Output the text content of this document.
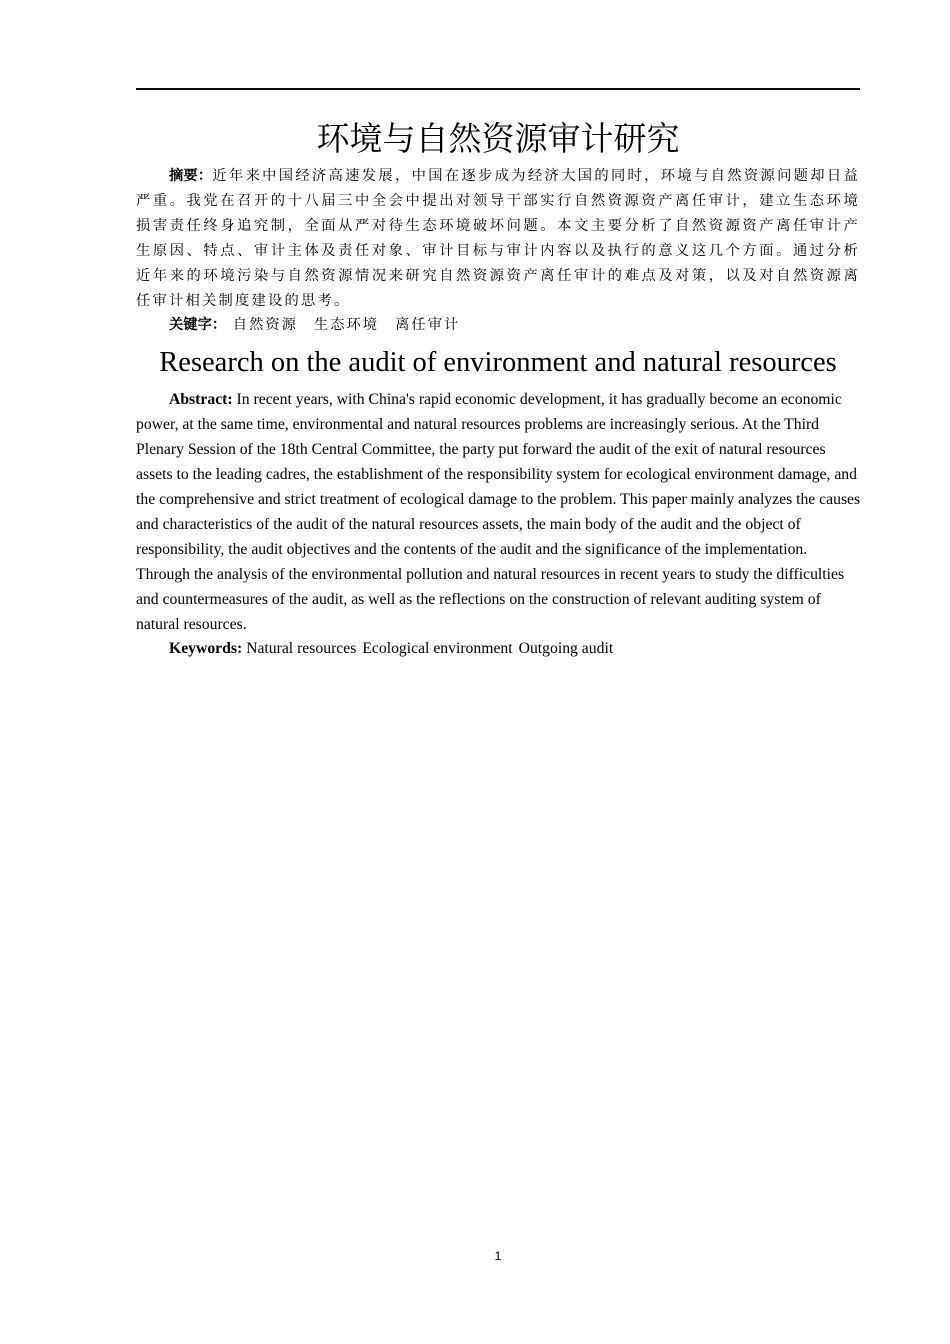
环境与自然资源审计研究

摘要：近年来中国经济高速发展，中国在逐步成为经济大国的同时，环境与自然资源问题却日益严重。我党在召开的十八届三中全会中提出对领导干部实行自然资源资产离任审计，建立生态环境损害责任终身追究制，全面从严对待生态环境破坏问题。本文主要分析了自然资源资产离任审计产生原因、特点、审计主体及责任对象、审计目标与审计内容以及执行的意义这几个方面。通过分析近年来的环境污染与自然资源情况来研究自然资源资产离任审计的难点及对策，以及对自然资源离任审计相关制度建设的思考。

关键字： 自然资源 生态环境 离任审计

Research on the audit of environment and natural resources

Abstract: In recent years, with China's rapid economic development, it has gradually become an economic power, at the same time, environmental and natural resources problems are increasingly serious. At the Third Plenary Session of the 18th Central Committee, the party put forward the audit of the exit of natural resources assets to the leading cadres, the establishment of the responsibility system for ecological environment damage, and the comprehensive and strict treatment of ecological damage to the problem. This paper mainly analyzes the causes and characteristics of the audit of the natural resources assets, the main body of the audit and the object of responsibility, the audit objectives and the contents of the audit and the significance of the implementation. Through the analysis of the environmental pollution and natural resources in recent years to study the difficulties and countermeasures of the audit, as well as the reflections on the construction of relevant auditing system of natural resources.

Keywords: Natural resources Ecological environment Outgoing audit

1
